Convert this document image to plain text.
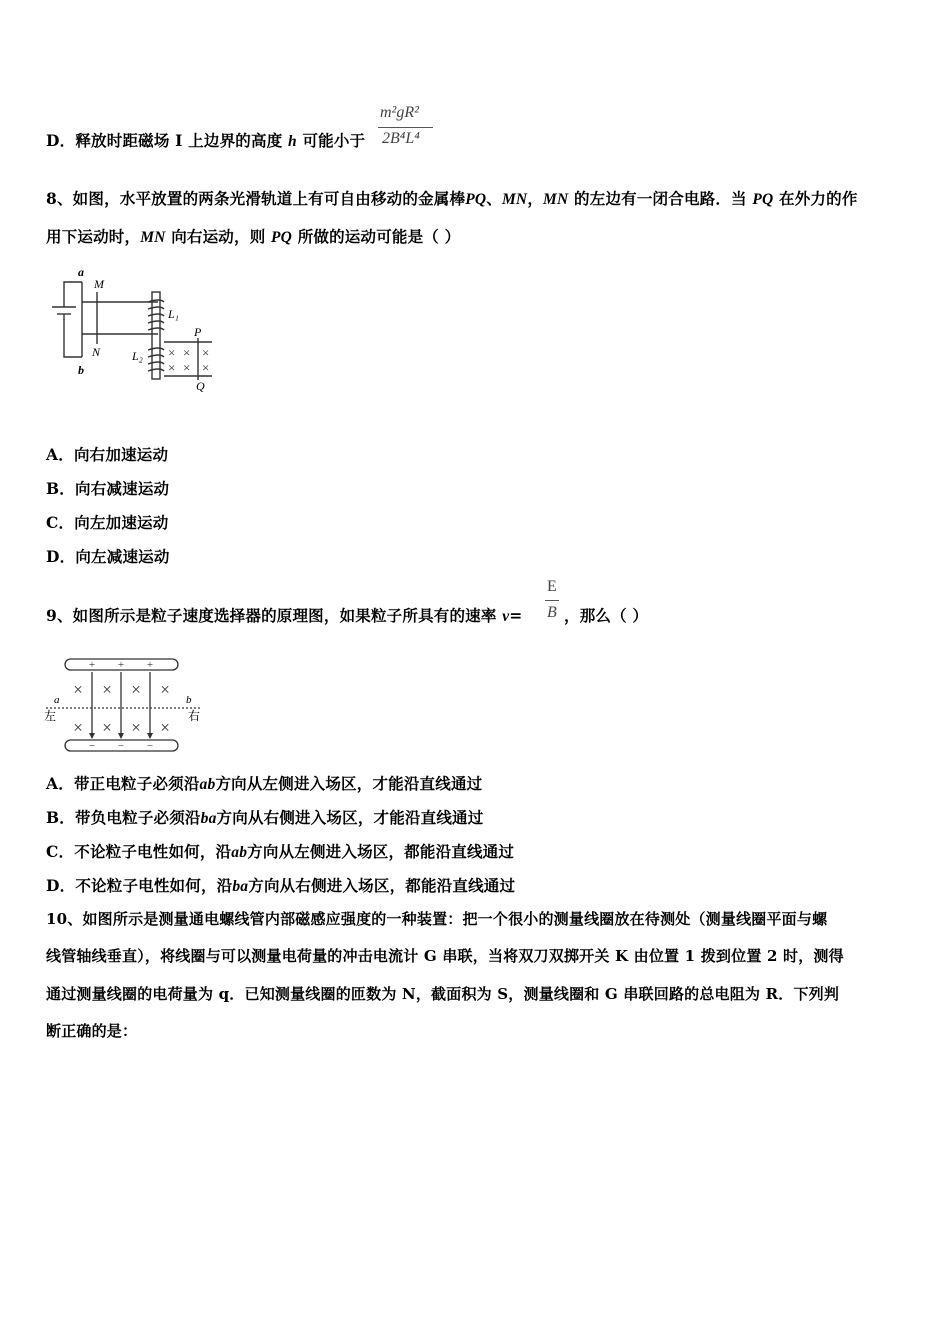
D．释放时距磁场 Ⅰ 上边界的高度 h 可能小于
m²gR²
2B⁴L⁴
8、如图，水平放置的两条光滑轨道上有可自由移动的金属棒PQ、MN，MN 的左边有一闭合电路．当 PQ 在外力的作
用下运动时，MN 向右运动，则 PQ 所做的运动可能是（ ）
a
b
M
N
L₁
L₂
P
Q
× × ×
× × ×
A．向右加速运动
B．向右减速运动
C．向左加速运动
D．向左减速运动
9、如图所示是粒子速度选择器的原理图，如果粒子所具有的速率 v=
E
B ，那么（ ）
+ + +
− − −
× × × ×
× × × ×
a	b
左	右
A．带正电粒子必须沿ab方向从左侧进入场区，才能沿直线通过
B．带负电粒子必须沿ba方向从右侧进入场区，才能沿直线通过
C．不论粒子电性如何，沿ab方向从左侧进入场区，都能沿直线通过
D．不论粒子电性如何，沿ba方向从右侧进入场区，都能沿直线通过
10、如图所示是测量通电螺线管内部磁感应强度的一种装置：把一个很小的测量线圈放在待测处（测量线圈平面与螺
线管轴线垂直），将线圈与可以测量电荷量的冲击电流计 G 串联，当将双刀双掷开关 K 由位置 1 拨到位置 2 时，测得
通过测量线圈的电荷量为 q．已知测量线圈的匝数为 N，截面积为 S，测量线圈和 G 串联回路的总电阻为 R．下列判
断正确的是：
